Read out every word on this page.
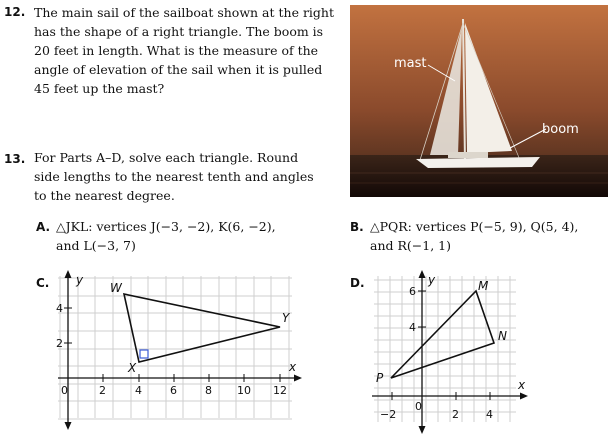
12. The main sail of the sailboat shown at the right
has the shape of a right triangle. The boom is
20 feet in length. What is the measure of the
angle of elevation of the sail when it is pulled
45 feet up the mast?
mast
boom
13. For Parts A–D, solve each triangle. Round
side lengths to the nearest tenth and angles
to the nearest degree.
A. △JKL: vertices J(−3, −2), K(6, −2),
and L(−3, 7)
B. △PQR: vertices P(−5, 9), Q(5, 4),
and R(−1, 1)
C. y
x
0	2	4	6	8 10 12
2
4
W
Y
X
D.	y
x
0
−2	2 4
4
6	M
N
P
